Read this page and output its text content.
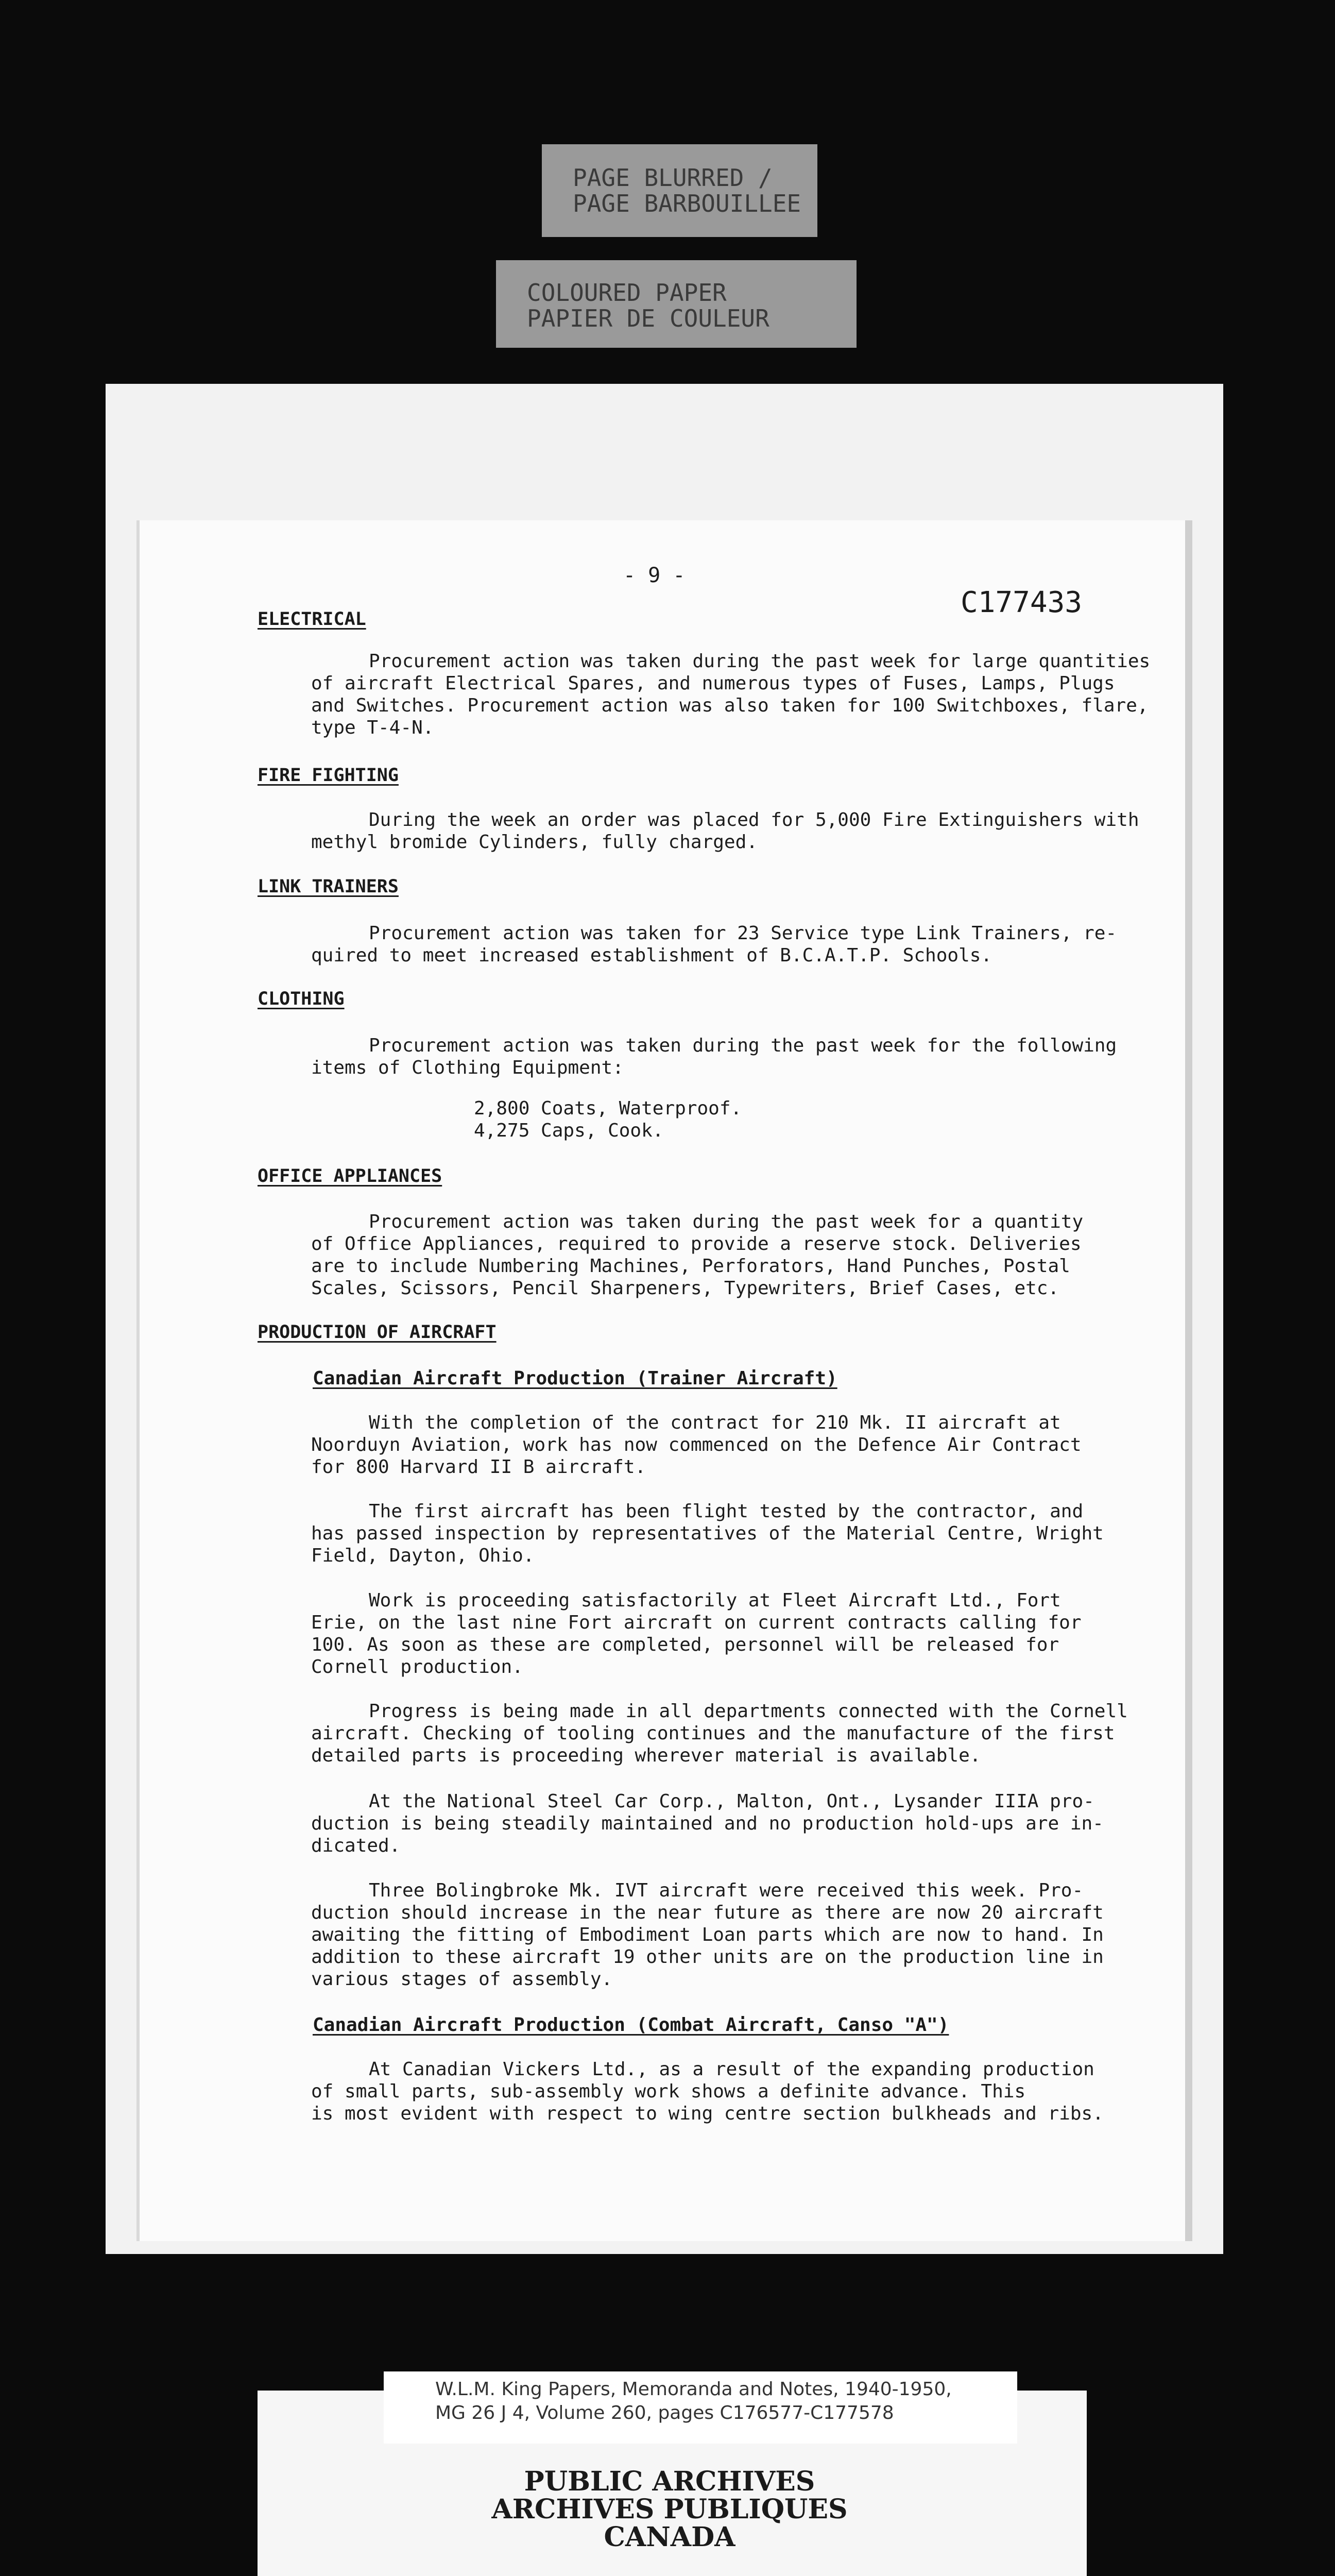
PAGE BLURRED /
PAGE BARBOUILLEE
COLOURED PAPER
PAPIER DE COULEUR
- 9 -
C177433
ELECTRICAL
Procurement action was taken during the past week for large quantities
of aircraft Electrical Spares, and numerous types of Fuses, Lamps, Plugs
and Switches. Procurement action was also taken for 100 Switchboxes, flare,
type T-4-N.
FIRE FIGHTING
During the week an order was placed for 5,000 Fire Extinguishers with
methyl bromide Cylinders, fully charged.
LINK TRAINERS
Procurement action was taken for 23 Service type Link Trainers, re-
quired to meet increased establishment of B.C.A.T.P. Schools.
CLOTHING
Procurement action was taken during the past week for the following
items of Clothing Equipment:
2,800 Coats, Waterproof.
4,275 Caps, Cook.
OFFICE APPLIANCES
Procurement action was taken during the past week for a quantity
of Office Appliances, required to provide a reserve stock. Deliveries
are to include Numbering Machines, Perforators, Hand Punches, Postal
Scales, Scissors, Pencil Sharpeners, Typewriters, Brief Cases, etc.
PRODUCTION OF AIRCRAFT
Canadian Aircraft Production (Trainer Aircraft)
With the completion of the contract for 210 Mk. II aircraft at
Noorduyn Aviation, work has now commenced on the Defence Air Contract
for 800 Harvard II B aircraft.
The first aircraft has been flight tested by the contractor, and
has passed inspection by representatives of the Material Centre, Wright
Field, Dayton, Ohio.
Work is proceeding satisfactorily at Fleet Aircraft Ltd., Fort
Erie, on the last nine Fort aircraft on current contracts calling for
100. As soon as these are completed, personnel will be released for
Cornell production.
Progress is being made in all departments connected with the Cornell
aircraft. Checking of tooling continues and the manufacture of the first
detailed parts is proceeding wherever material is available.
At the National Steel Car Corp., Malton, Ont., Lysander IIIA pro-
duction is being steadily maintained and no production hold-ups are in-
dicated.
Three Bolingbroke Mk. IVT aircraft were received this week. Pro-
duction should increase in the near future as there are now 20 aircraft
awaiting the fitting of Embodiment Loan parts which are now to hand. In
addition to these aircraft 19 other units are on the production line in
various stages of assembly.
Canadian Aircraft Production (Combat Aircraft, Canso "A")
At Canadian Vickers Ltd., as a result of the expanding production
of small parts, sub-assembly work shows a definite advance. This
is most evident with respect to wing centre section bulkheads and ribs.
W.L.M. King Papers, Memoranda and Notes, 1940-1950,
MG 26 J 4, Volume 260, pages C176577-C177578
PUBLIC ARCHIVES
ARCHIVES PUBLIQUES
CANADA
